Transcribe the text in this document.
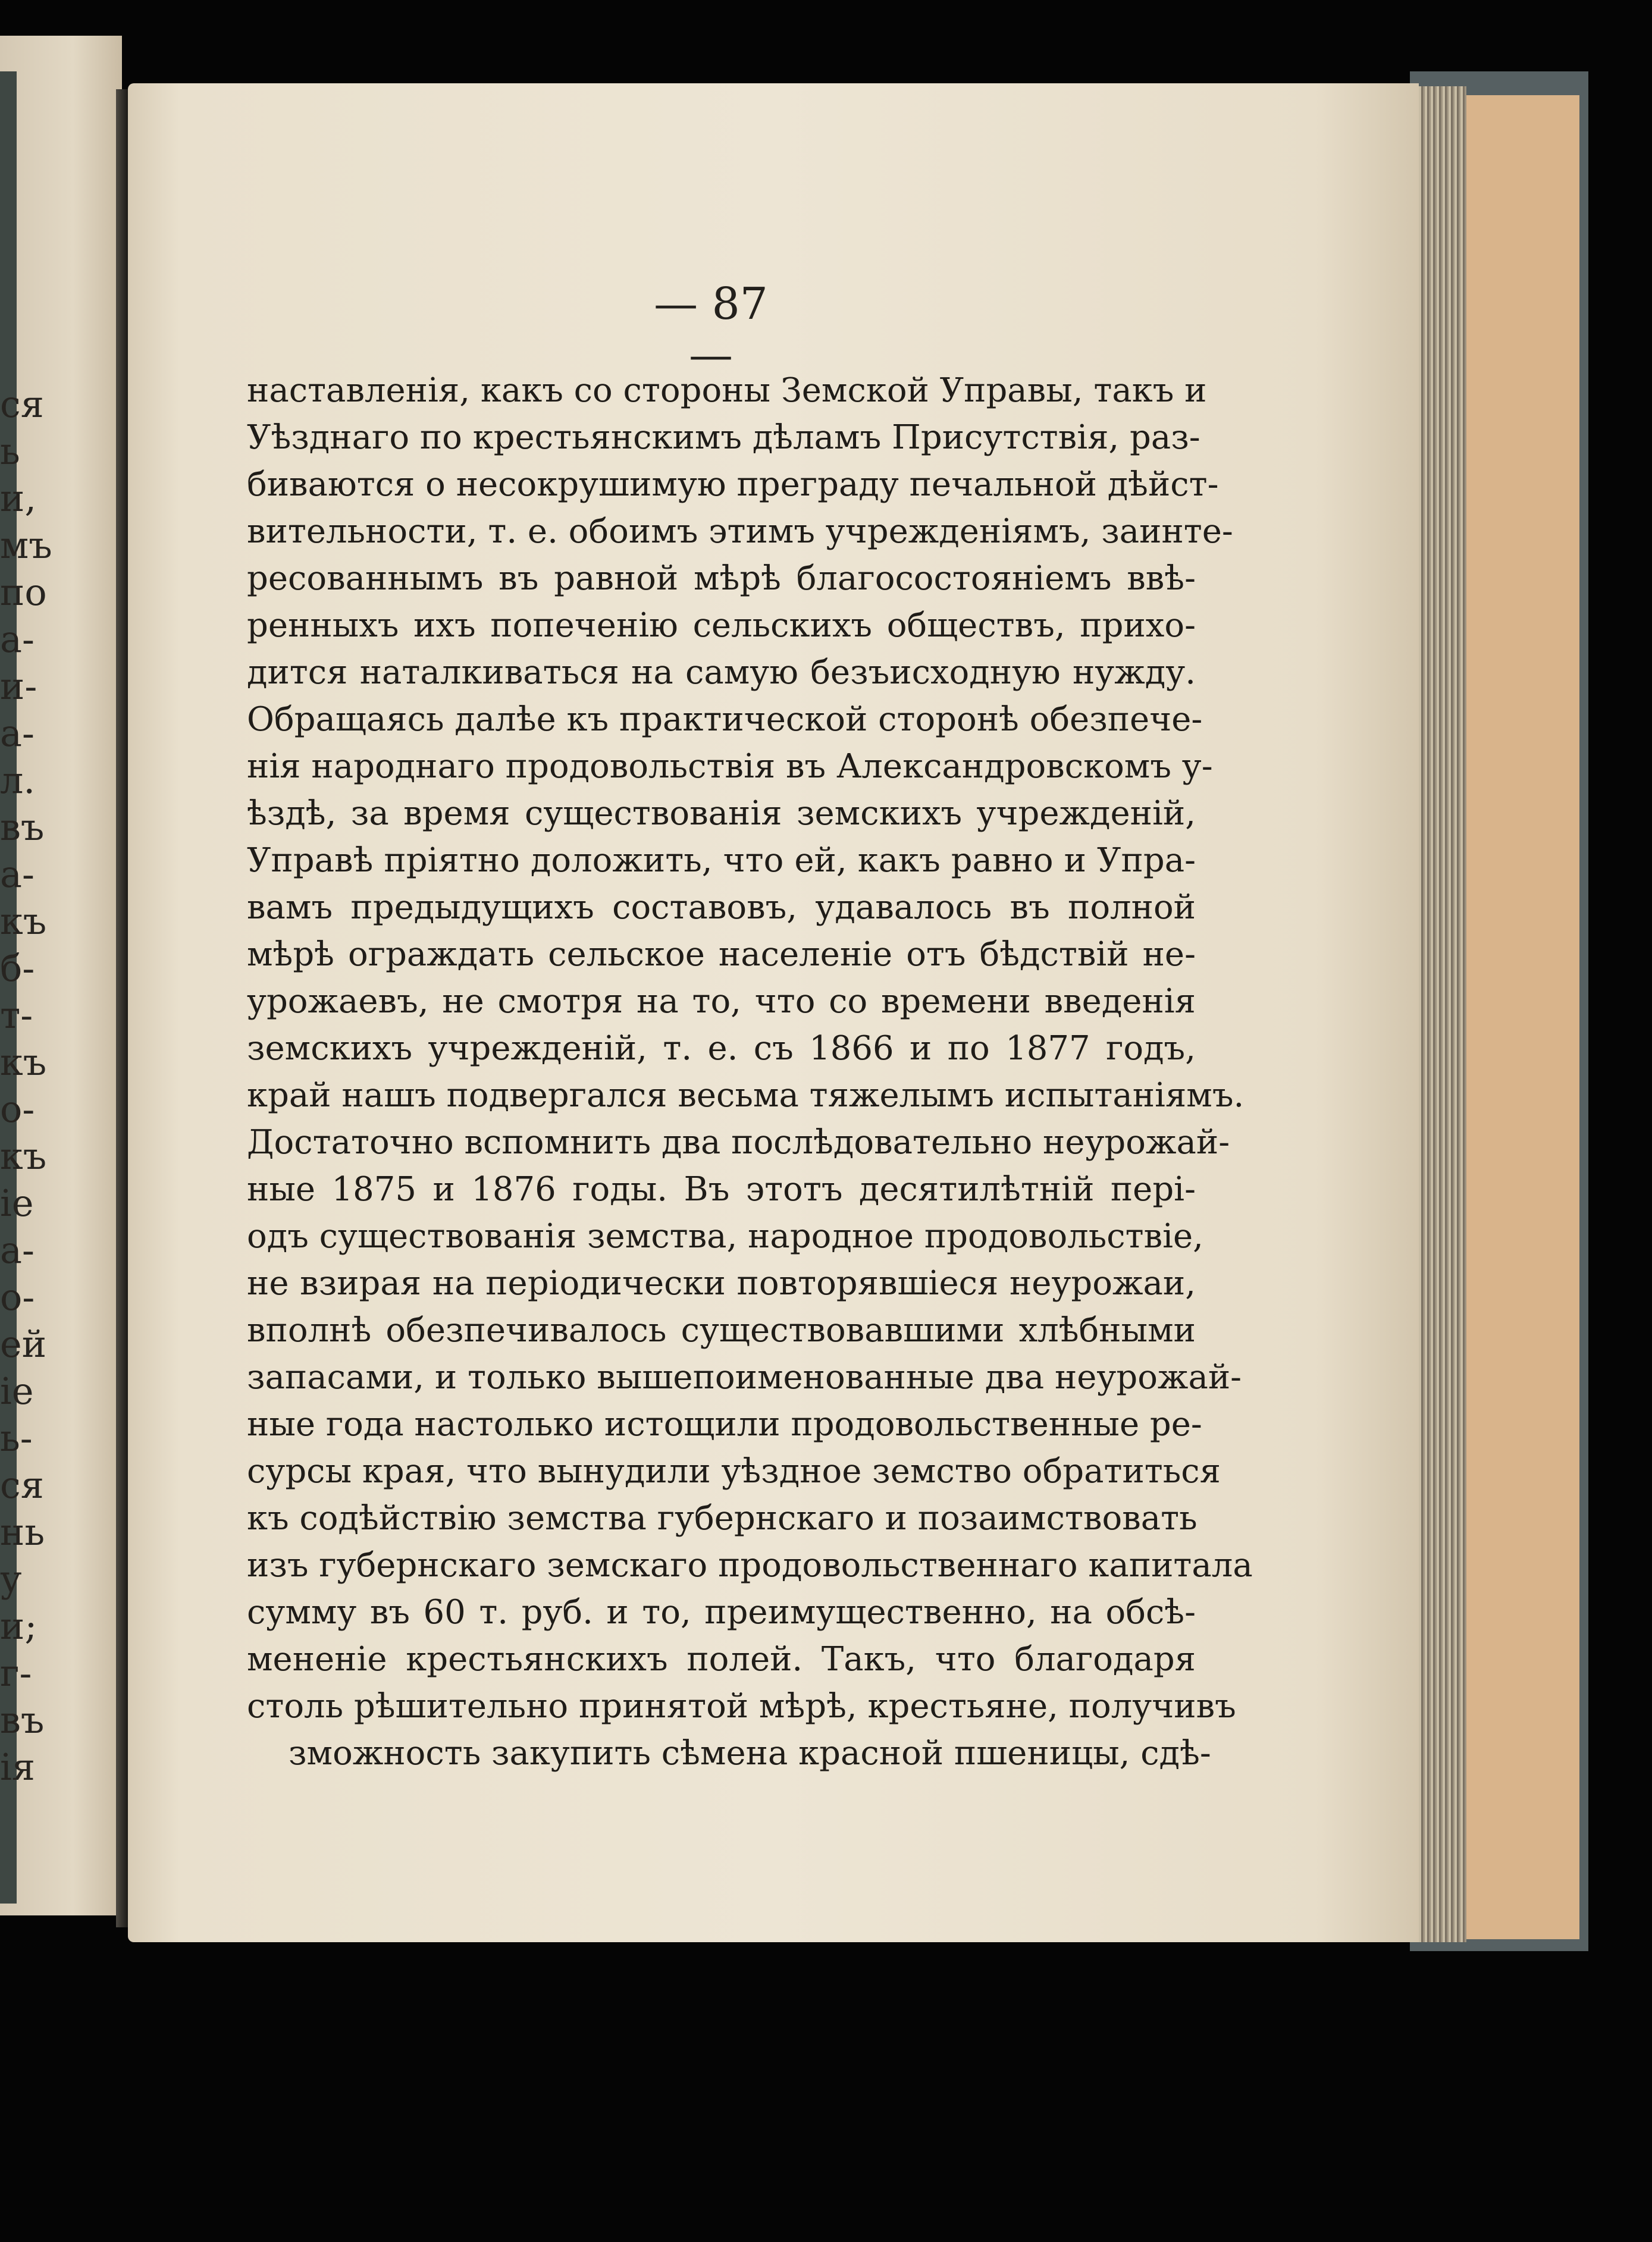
ся
ь
и,
мъ
по
а-
и-
а-
л.
въ
а-
къ
б-
т-
къ
о-
къ
іе
а-
о-
ей
іе
ь-
ся
нь
у
и;
г-
въ
ія
— 87 —
наставленія, какъ со стороны Земской Управы, такъ и
Уѣзднаго по крестьянскимъ дѣламъ Присутствія, раз-
биваются о несокрушимую преграду печальной дѣйст-
вительности, т. е. обоимъ этимъ учрежденіямъ, заинте-
ресованнымъ въ равной мѣрѣ благосостояніемъ ввѣ-
ренныхъ ихъ попеченію сельскихъ обществъ, прихо-
дится наталкиваться на самую безъисходную нужду.
Обращаясь далѣе къ практической сторонѣ обезпече-
нія народнаго продовольствія въ Александровскомъ у-
ѣздѣ, за время существованія земскихъ учрежденій,
Управѣ пріятно доложить, что ей, какъ равно и Упра-
вамъ предыдущихъ составовъ, удавалось въ полной
мѣрѣ ограждать сельское населеніе отъ бѣдствій не-
урожаевъ, не смотря на то, что со времени введенія
земскихъ учрежденій, т. е. съ 1866 и по 1877 годъ,
край нашъ подвергался весьма тяжелымъ испытаніямъ.
Достаточно вспомнить два послѣдовательно неурожай-
ные 1875 и 1876 годы. Въ этотъ десятилѣтній пері-
одъ существованія земства, народное продовольствіе,
не взирая на періодически повторявшіеся неурожаи,
вполнѣ обезпечивалось существовавшими хлѣбными
запасами, и только вышепоименованные два неурожай-
ные года настолько истощили продовольственные ре-
сурсы края, что вынудили уѣздное земство обратиться
къ содѣйствію земства губернскаго и позаимствовать
изъ губернскаго земскаго продовольственнаго капитала
сумму въ 60 т. руб. и то, преимущественно, на обсѣ-
мененіе крестьянскихъ полей. Такъ, что благодаря
столь рѣшительно принятой мѣрѣ, крестьяне, получивъ
зможность закупить сѣмена красной пшеницы, сдѣ-
